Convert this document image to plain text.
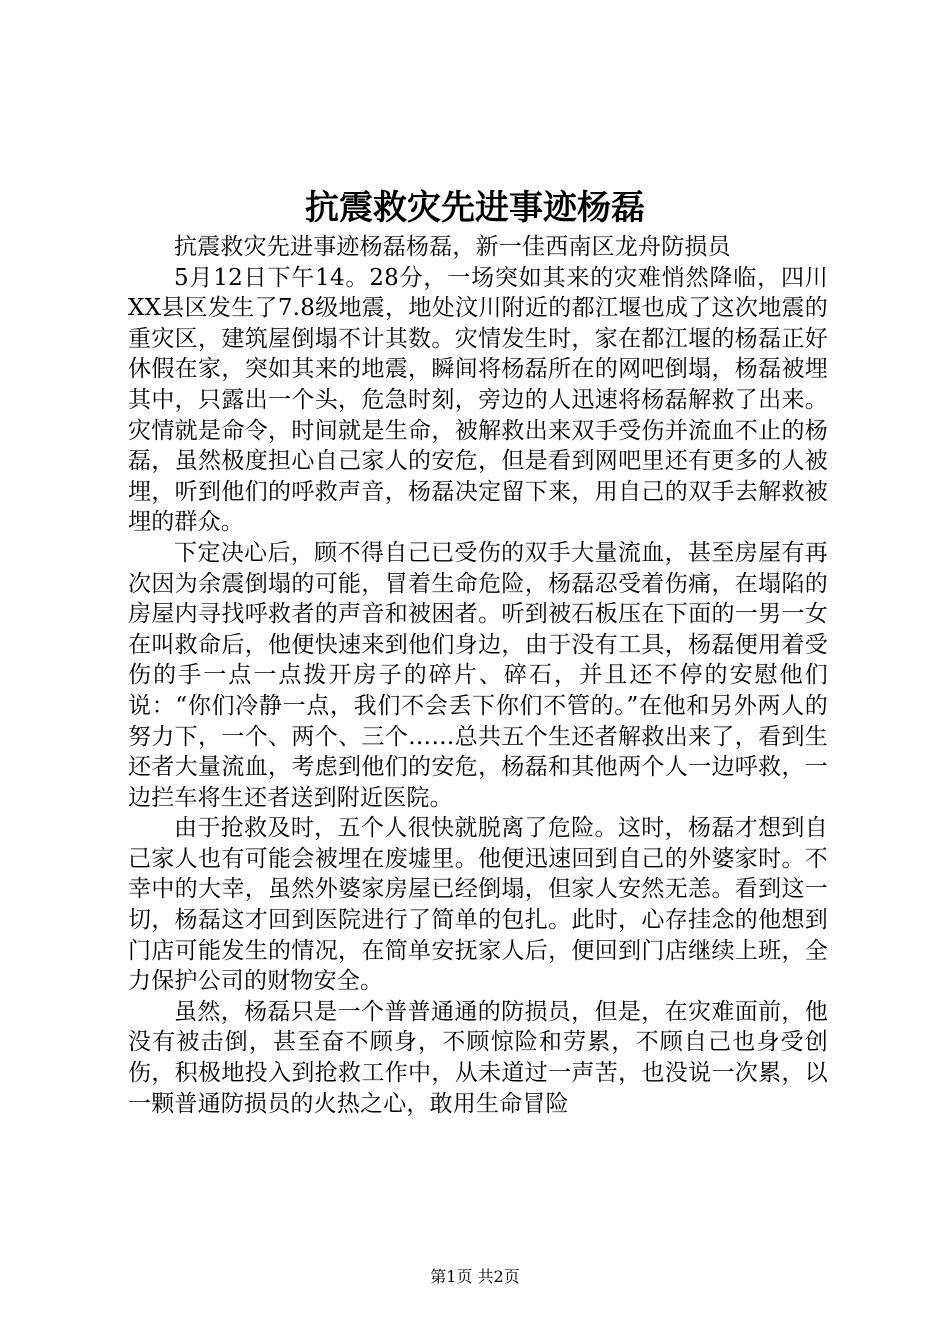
抗震救灾先进事迹杨磊

抗震救灾先进事迹杨磊杨磊，新一佳西南区龙舟防损员

5月12日下午14。28分，一场突如其来的灾难悄然降临，四川XX县区发生了7.8级地震，地处汶川附近的都江堰也成了这次地震的重灾区，建筑屋倒塌不计其数。灾情发生时，家在都江堰的杨磊正好休假在家，突如其来的地震，瞬间将杨磊所在的网吧倒塌，杨磊被埋其中，只露出一个头，危急时刻，旁边的人迅速将杨磊解救了出来。灾情就是命令，时间就是生命，被解救出来双手受伤并流血不止的杨磊，虽然极度担心自己家人的安危，但是看到网吧里还有更多的人被埋，听到他们的呼救声音，杨磊决定留下来，用自己的双手去解救被埋的群众。

下定决心后，顾不得自己已受伤的双手大量流血，甚至房屋有再次因为余震倒塌的可能，冒着生命危险，杨磊忍受着伤痛，在塌陷的房屋内寻找呼救者的声音和被困者。听到被石板压在下面的一男一女在叫救命后，他便快速来到他们身边，由于没有工具，杨磊便用着受伤的手一点一点拨开房子的碎片、碎石，并且还不停的安慰他们说：“你们冷静一点，我们不会丢下你们不管的。”在他和另外两人的努力下，一个、两个、三个……总共五个生还者解救出来了，看到生还者大量流血，考虑到他们的安危，杨磊和其他两个人一边呼救，一边拦车将生还者送到附近医院。

由于抢救及时，五个人很快就脱离了危险。这时，杨磊才想到自己家人也有可能会被埋在废墟里。他便迅速回到自己的外婆家时。不幸中的大幸，虽然外婆家房屋已经倒塌，但家人安然无恙。看到这一切，杨磊这才回到医院进行了简单的包扎。此时，心存挂念的他想到门店可能发生的情况，在简单安抚家人后，便回到门店继续上班，全力保护公司的财物安全。

虽然，杨磊只是一个普普通通的防损员，但是，在灾难面前，他没有被击倒，甚至奋不顾身，不顾惊险和劳累，不顾自己也身受创伤，积极地投入到抢救工作中，从未道过一声苦，也没说一次累，以一颗普通防损员的火热之心，敢用生命冒险

第1页 共2页
